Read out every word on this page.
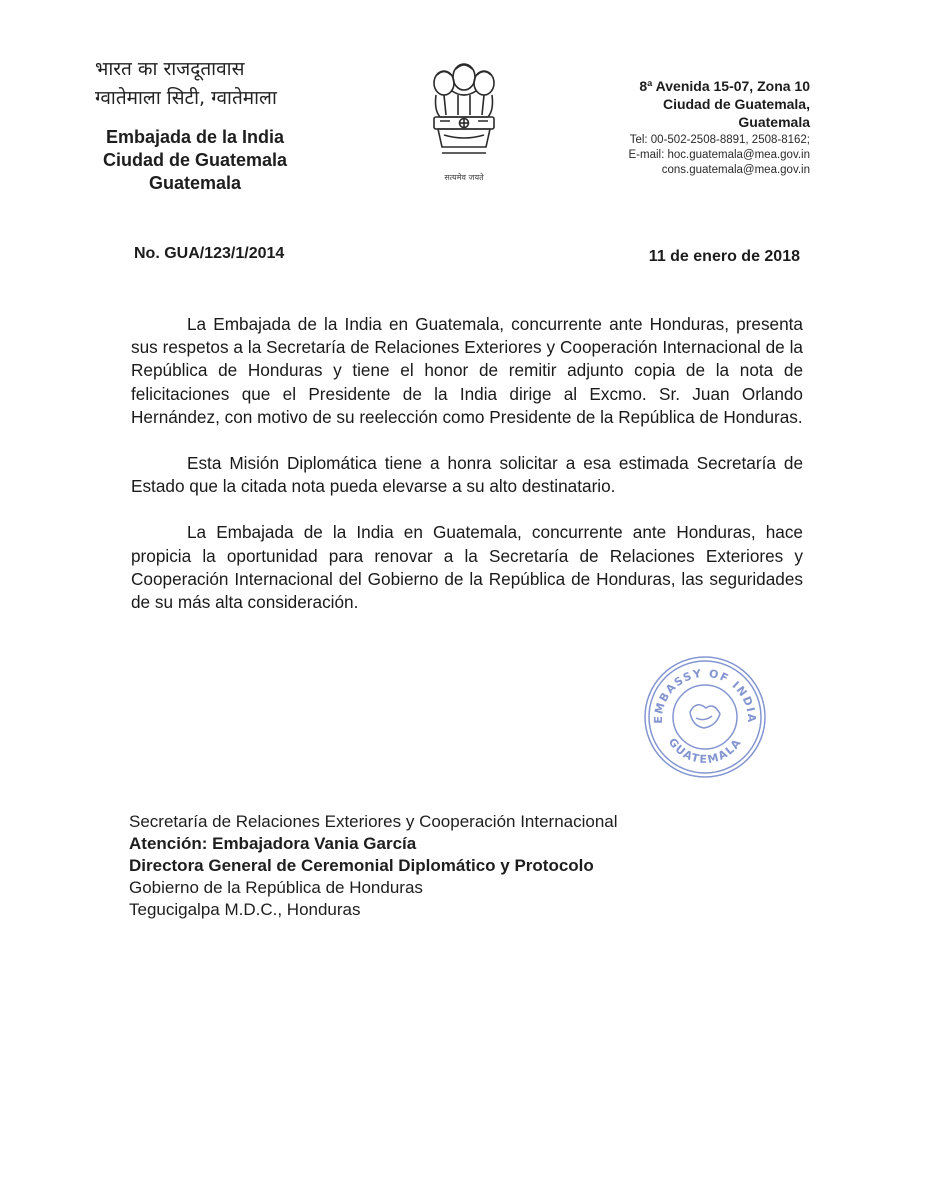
भारत का राजदूतावास
ग्वातेमाला सिटी, ग्वातेमाला
Embajada de la India
Ciudad de Guatemala
Guatemala	सत्यमेव जयते
8ª Avenida 15-07, Zona 10
Ciudad de Guatemala,
Guatemala
Tel: 00-502-2508-8891, 2508-8162;
E-mail: hoc.guatemala@mea.gov.in
cons.guatemala@mea.gov.in
No. GUA/123/1/2014	11 de enero de 2018

La Embajada de la India en Guatemala, concurrente ante Honduras, presenta sus respetos a la Secretaría de Relaciones Exteriores y Cooperación Internacional de la República de Honduras y tiene el honor de remitir adjunto copia de la nota de felicitaciones que el Presidente de la India dirige al Excmo. Sr. Juan Orlando Hernández, con motivo de su reelección como Presidente de la República de Honduras.

Esta Misión Diplomática tiene a honra solicitar a esa estimada Secretaría de Estado que la citada nota pueda elevarse a su alto destinatario.

La Embajada de la India en Guatemala, concurrente ante Honduras, hace propicia la oportunidad para renovar a la Secretaría de Relaciones Exteriores y Cooperación Internacional del Gobierno de la República de Honduras, las seguridades de su más alta consideración.

EMBASSY OF INDIA
GUATEMALA
Secretaría de Relaciones Exteriores y Cooperación Internacional
Atención: Embajadora Vania García
Directora General de Ceremonial Diplomático y Protocolo
Gobierno de la República de Honduras
Tegucigalpa M.D.C., Honduras
